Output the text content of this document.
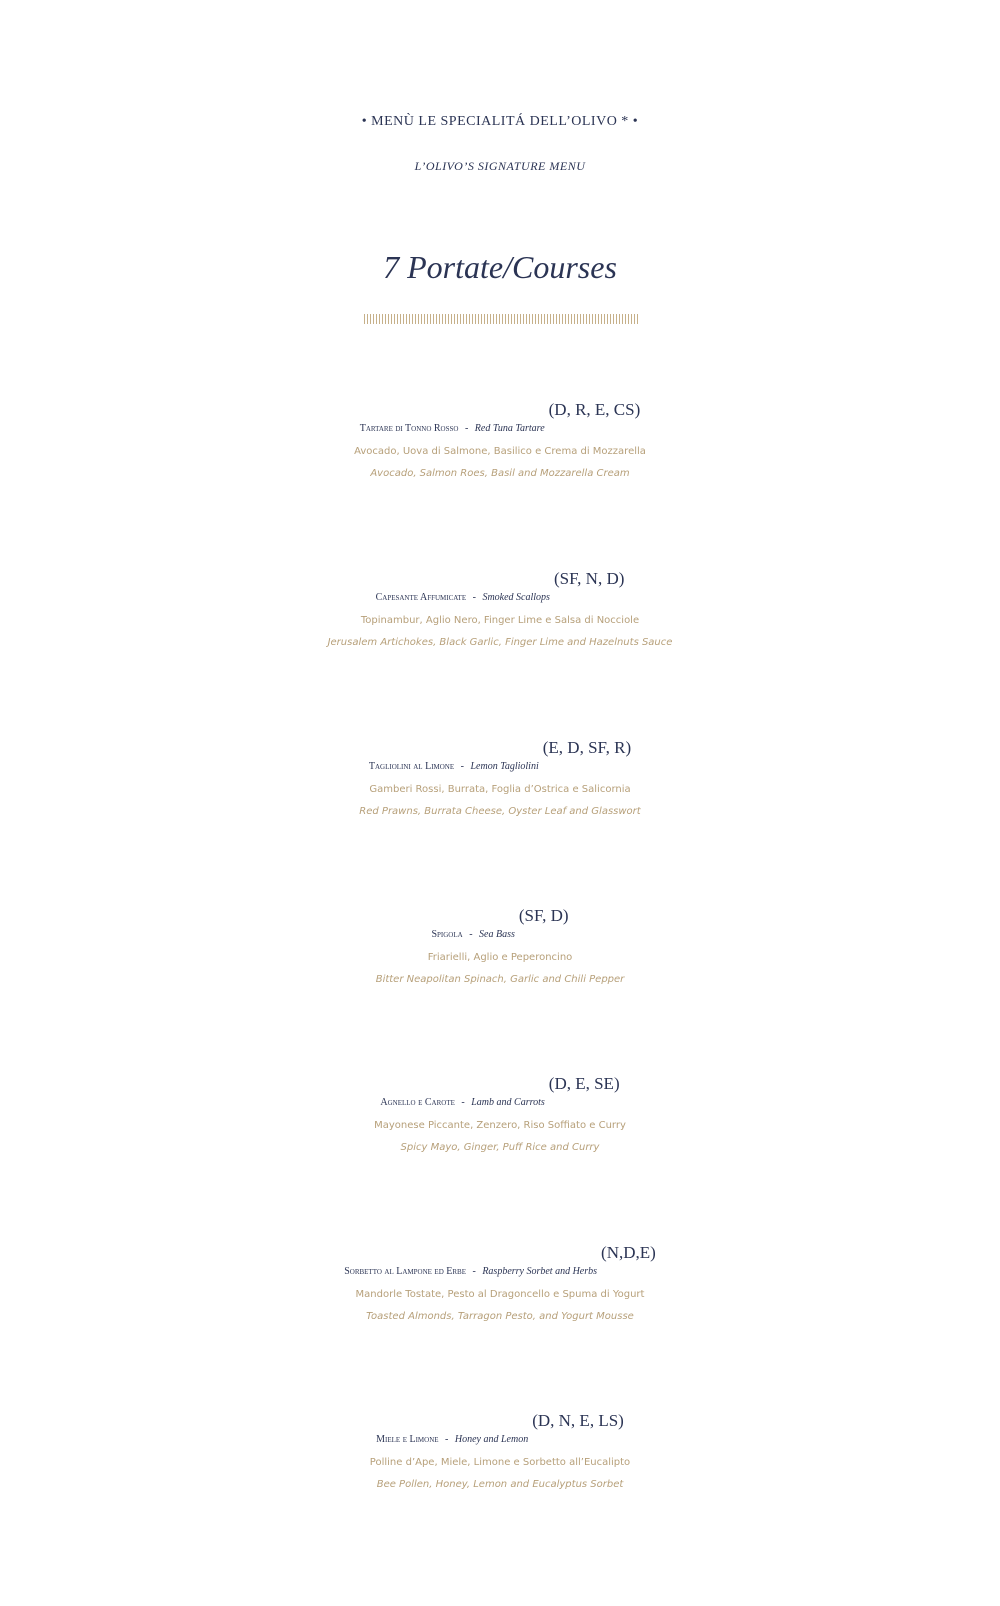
• MENÙ LE SPECIALITÁ DELL’OLIVO * •
L’OLIVO’S SIGNATURE MENU
7 Portate/Courses
Tartare di Tonno Rosso - Red Tuna Tartare(D, R, E, CS)
Avocado, Uova di Salmone, Basilico e Crema di Mozzarella
Avocado, Salmon Roes, Basil and Mozzarella Cream
Capesante Affumicate - Smoked Scallops(SF, N, D)
Topinambur, Aglio Nero, Finger Lime e Salsa di Nocciole
Jerusalem Artichokes, Black Garlic, Finger Lime and Hazelnuts Sauce
Tagliolini al Limone - Lemon Tagliolini(E, D, SF, R)
Gamberi Rossi, Burrata, Foglia d’Ostrica e Salicornia
Red Prawns, Burrata Cheese, Oyster Leaf and Glasswort
Spigola - Sea Bass(SF, D)
Friarielli, Aglio e Peperoncino
Bitter Neapolitan Spinach, Garlic and Chili Pepper
Agnello e Carote - Lamb and Carrots(D, E, SE)
Mayonese Piccante, Zenzero, Riso Soffiato e Curry
Spicy Mayo, Ginger, Puff Rice and Curry
Sorbetto al Lampone ed Erbe - Raspberry Sorbet and Herbs(N,D,E)
Mandorle Tostate, Pesto al Dragoncello e Spuma di Yogurt
Toasted Almonds, Tarragon Pesto, and Yogurt Mousse
Miele e Limone - Honey and Lemon(D, N, E, LS)
Polline d’Ape, Miele, Limone e Sorbetto all’Eucalipto
Bee Pollen, Honey, Lemon and Eucalyptus Sorbet
